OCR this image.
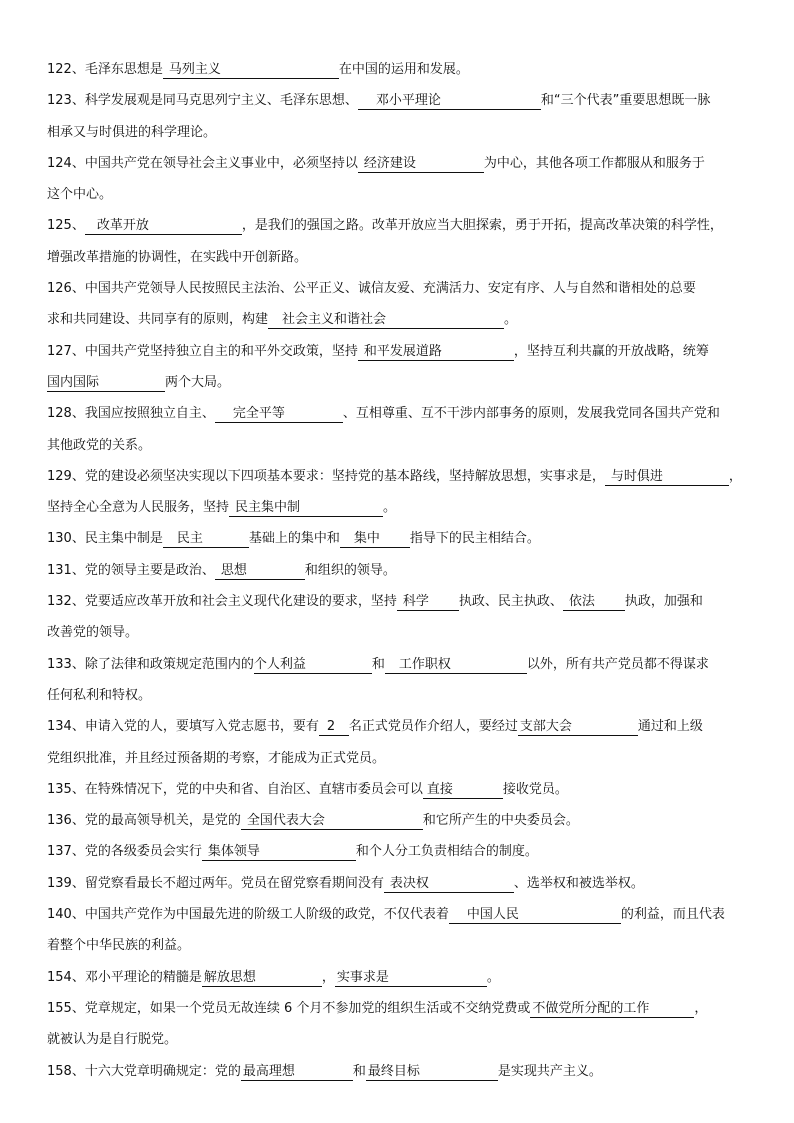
122、毛泽东思想是 马列主义	在中国的运用和发展。
123、科学发展观是同马克思列宁主义、毛泽东思想、 邓小平理论	和“三个代表”重要思想既一脉
相承又与时俱进的科学理论。
124、中国共产党在领导社会主义事业中，必须坚持以 经济建设	为中心，其他各项工作都服从和服务于
这个中心。
125、 改革开放	，是我们的强国之路。改革开放应当大胆探索，勇于开拓，提高改革决策的科学性，
增强改革措施的协调性，在实践中开创新路。
126、中国共产党领导人民按照民主法治、公平正义、诚信友爱、充满活力、安定有序、人与自然和谐相处的总要
求和共同建设、共同享有的原则，构建 社会主义和谐社会	。
127、中国共产党坚持独立自主的和平外交政策，坚持 和平发展道路	，坚持互利共赢的开放战略，统筹
国内国际	两个大局。
128、我国应按照独立自主、 完全平等	、互相尊重、互不干涉内部事务的原则，发展我党同各国共产党和
其他政党的关系。
129、党的建设必须坚决实现以下四项基本要求：坚持党的基本路线，坚持解放思想，实事求是， 与时俱进	，
坚持全心全意为人民服务，坚持 民主集中制	。
130、民主集中制是 民主	基础上的集中和 集中 指导下的民主相结合。
131、党的领导主要是政治、 思想	和组织的领导。
132、党要适应改革开放和社会主义现代化建设的要求，坚持 科学 执政、民主执政、 依法 执政，加强和
改善党的领导。
133、除了法律和政策规定范围内的个人利益	和 工作职权	以外，所有共产党员都不得谋求
任何私利和特权。
134、申请入党的人，要填写入党志愿书，要有 2 名正式党员作介绍人，要经过 支部大会	通过和上级
党组织批准，并且经过预备期的考察，才能成为正式党员。
135、在特殊情况下，党的中央和省、自治区、直辖市委员会可以 直接	接收党员。
136、党的最高领导机关，是党的 全国代表大会	和它所产生的中央委员会。
137、党的各级委员会实行 集体领导	和个人分工负责相结合的制度。
139、留党察看最长不超过两年。党员在留党察看期间没有 表决权	、选举权和被选举权。
140、中国共产党作为中国最先进的阶级工人阶级的政党，不仅代表着 中国人民	的利益，而且代表
着整个中华民族的利益。
154、邓小平理论的精髓是 解放思想	， 实事求是	。
155、党章规定，如果一个党员无故连续 6 个月不参加党的组织生活或不交纳党费或 不做党所分配的工作	，
就被认为是自行脱党。
158、十六大党章明确规定：党的 最高理想	和 最终目标	是实现共产主义。
